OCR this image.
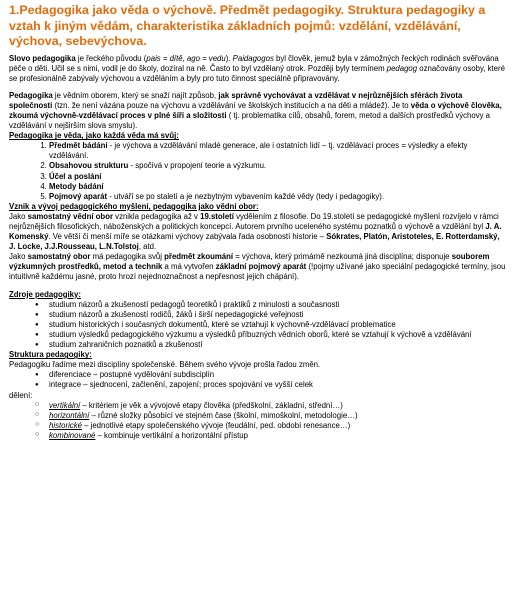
1.Pedagogika jako věda o výchově. Předmět pedagogiky. Struktura pedagogiky a vztah k jiným vědám, charakteristika základních pojmů: vzdělání, vzdělávání, výchova, sebevýchova.

Slovo pedagogika je řeckého původu (pais = dítě, ago = vedu). Paidagogos byl člověk, jemuž byla v zámožných řeckých rodinách svěřována péče o děti. Učil se s nimi, vodil je do školy, dozíral na ně. Často to byl vzdělaný otrok. Později byly termínem pedagog označovány osoby, které se profesionálně zabývaly výchovou a vzděláním a byly pro tuto činnost speciálně připravovány.

Pedagogika je vědním oborem, který se snaží najít způsob, jak správně vychovávat a vzdělávat v nejrůznějších sférách života společnosti (tzn. že není vázána pouze na výchovu a vzdělávání ve školských institucích a na děti a mládež). Je to věda o výchově člověka, zkoumá výchovně-vzdělávací proces v plné šíři a složitosti ( tj. problematika cílů, obsahů, forem, metod a dalších prostředků výchovy a vzdělávání v nejširším slova smyslu).

Pedagogika je věda, jako každá věda má svůj:

1. Předmět bádání - je výchova a vzdělávání mladé generace, ale i ostatních lidí – tj. vzdělávací proces = výsledky a efekty vzdělávání.
2. Obsahovou strukturu - spočívá v propojení teorie a výzkumu.
3. Účel a poslání
4. Metody bádání
5. Pojmový aparát - utváří se po staletí a je nezbytným vybavením každé vědy (tedy i pedagogiky).

Vznik a vývoj pedagogického myšlení, pedagogika jako vědní obor:

Jako samostatný vědní obor vznikla pedagogika až v 19.století vydělením z filosofie. Do 19.století se pedagogické myšlení rozvíjelo v rámci nejrůznějších filosofických, náboženských a politických koncepcí. Autorem prvního uceleného systému poznatků o výchově a vzdělání byl J. A. Komenský. Ve větší či menší míře se otázkami výchovy zabývala řada osobností historie – Sókrates, Platón, Aristoteles, E. Rotterdamský, J. Locke, J.J.Rousseau, L.N.Tolstoj, atd.
Jako samostatný obor má pedagogika svůj předmět zkoumání = výchova, který primárně nezkoumá jiná disciplína; disponuje souborem výzkumných prostředků, metod a technik a má vytvořen základní pojmový aparát (!pojmy užívané jako speciální pedagogické termíny, jsou intuitivně každému jasné, proto hrozí nejednoznačnost a nepřesnost jejich chápání).

Zdroje pedagogiky:

● studium názorů a zkušeností pedagogů teoretiků i praktiků z minulosti a současnosti
● studium názorů a zkušeností rodičů, žáků i širší nepedagogické veřejnosti
● studium historických i současných dokumentů, které se vztahují k výchovně-vzdělávací problematice
● studium výsledků pedagogického výzkumu a výsledků příbuzných vědních oborů, které se vztahují k výchově a vzdělávání
● studium zahraničních poznatků a zkušeností

Struktura pedagogiky:

Pedagogiku řadíme mezi disciplíny společenské. Během svého vývoje prošla řadou změn.

● diferenciace – postupné vydělování subdisciplín
● integrace – sjednocení, začlenění, zapojení; proces spojování ve vyšší celek

dělení:

○ vertikální – kritériem je věk a vývojové etapy člověka (předškolní, základní, střední…)
○ horizontální – různé složky působící ve stejném čase (školní, mimoškolní, metodologie…)
○ historické – jednotlivé etapy společenského vývoje (feudální, ped. období renesance…)
○ kombinované – kombinuje vertikální a horizontální přístup
